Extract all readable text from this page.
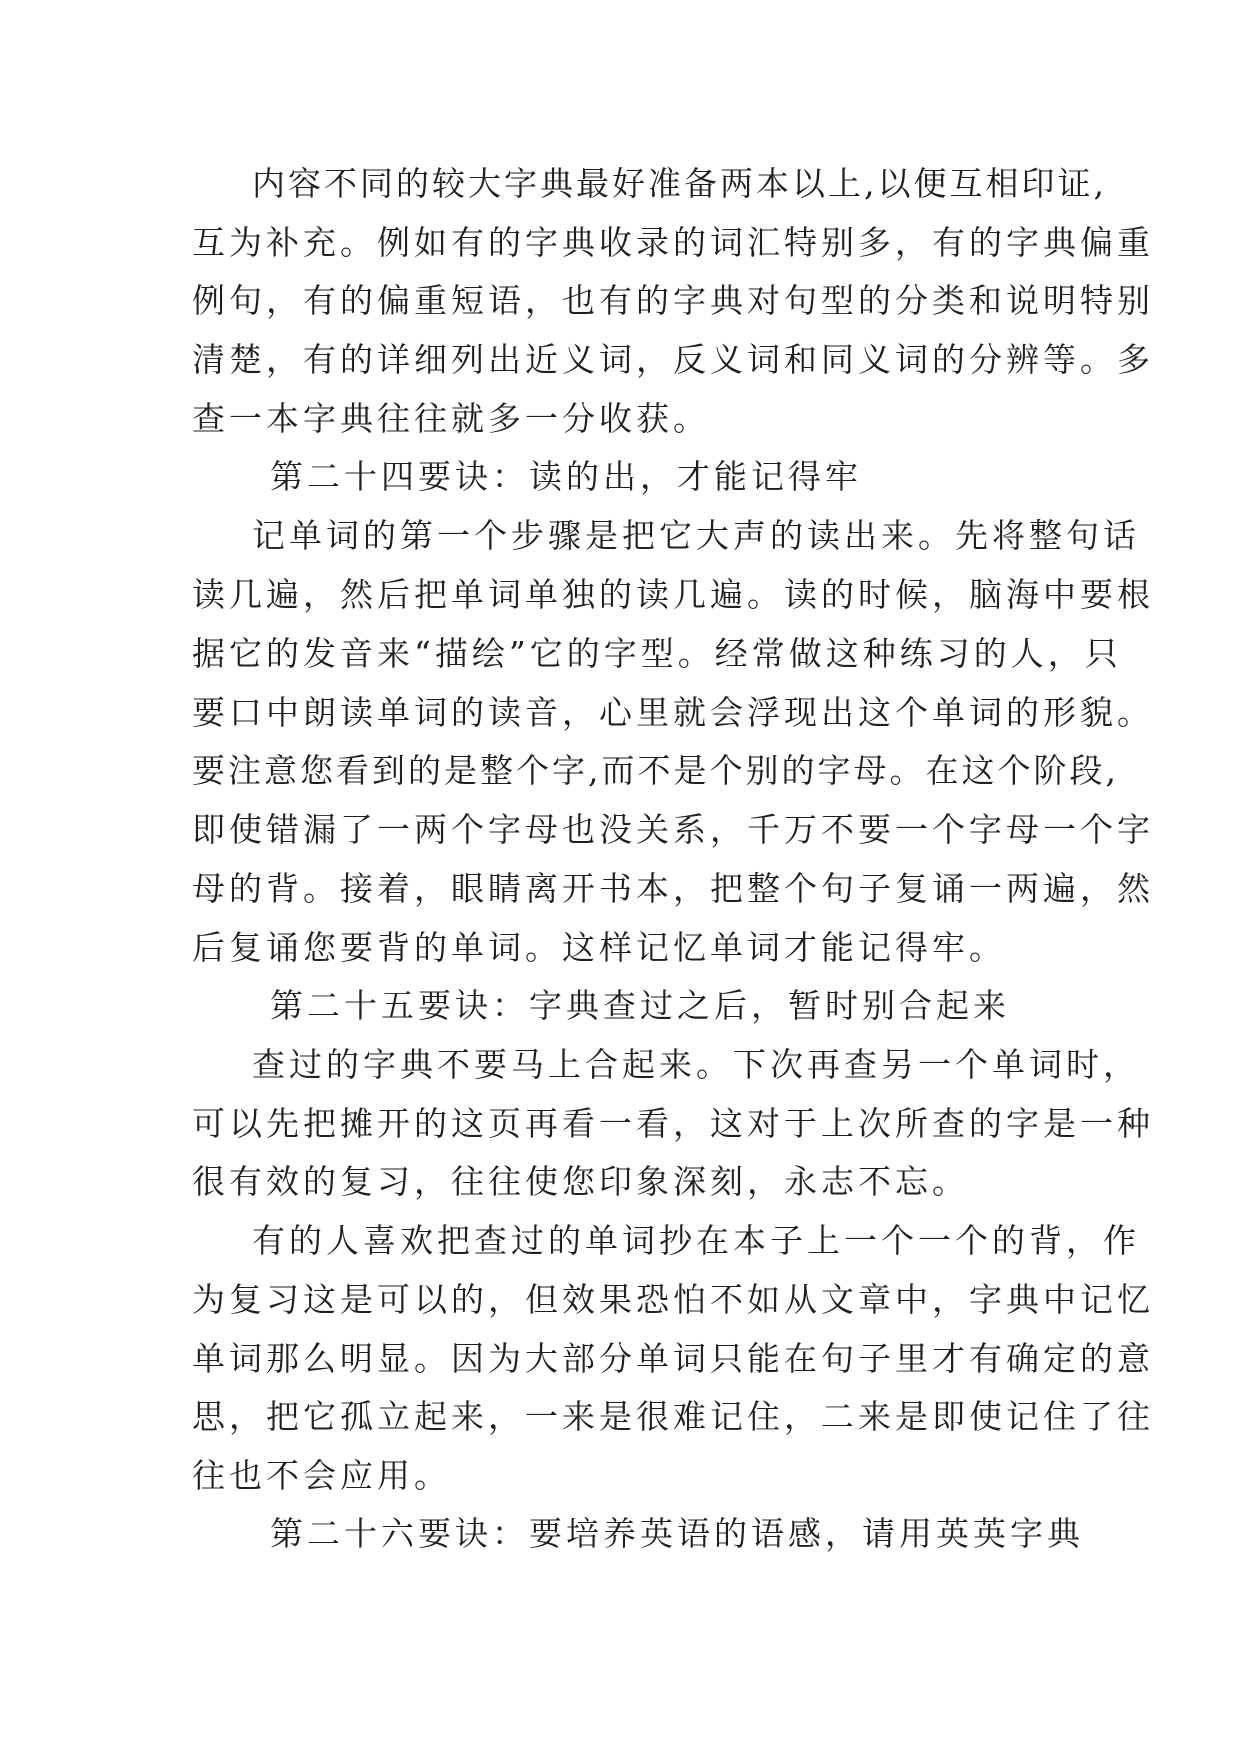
内容不同的较大字典最好准备两本以上,以便互相印证,

互为补充。例如有的字典收录的词汇特别多，有的字典偏重

例句，有的偏重短语，也有的字典对句型的分类和说明特别

清楚，有的详细列出近义词，反义词和同义词的分辨等。多

查一本字典往往就多一分收获。

第二十四要诀：读的出，才能记得牢

记单词的第一个步骤是把它大声的读出来。先将整句话

读几遍，然后把单词单独的读几遍。读的时候，脑海中要根

据它的发音来“描绘”它的字型。经常做这种练习的人，只

要口中朗读单词的读音，心里就会浮现出这个单词的形貌。

要注意您看到的是整个字,而不是个别的字母。在这个阶段,

即使错漏了一两个字母也没关系，千万不要一个字母一个字

母的背。接着，眼睛离开书本，把整个句子复诵一两遍，然

后复诵您要背的单词。这样记忆单词才能记得牢。

第二十五要诀：字典查过之后，暂时别合起来

查过的字典不要马上合起来。下次再查另一个单词时，

可以先把摊开的这页再看一看，这对于上次所查的字是一种

很有效的复习，往往使您印象深刻，永志不忘。

有的人喜欢把查过的单词抄在本子上一个一个的背，作

为复习这是可以的，但效果恐怕不如从文章中，字典中记忆

单词那么明显。因为大部分单词只能在句子里才有确定的意

思，把它孤立起来，一来是很难记住，二来是即使记住了往

往也不会应用。

第二十六要诀：要培养英语的语感，请用英英字典
